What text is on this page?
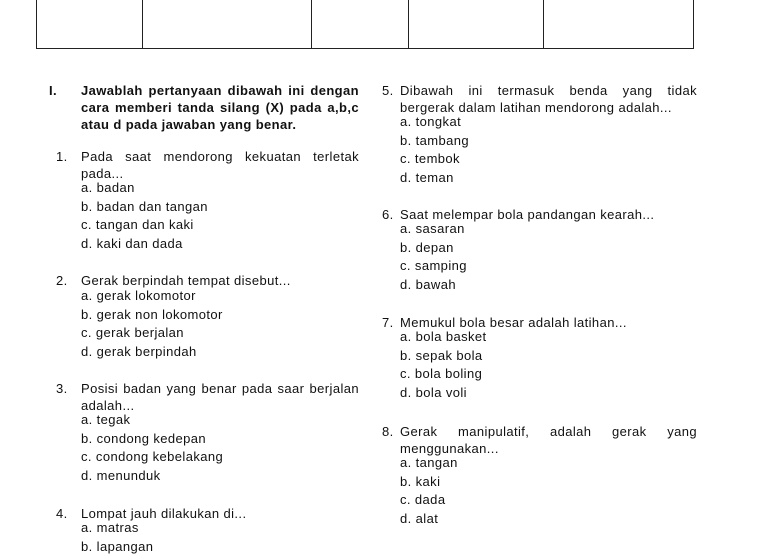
I. Jawablah pertanyaan dibawah ini dengan cara memberi tanda silang (X) pada a,b,c atau d pada jawaban yang benar.
1. Pada saat mendorong kekuatan terletak pada...
a. badan
b. badan dan tangan
c. tangan dan kaki
d. kaki dan dada
2. Gerak berpindah tempat disebut...
a. gerak lokomotor
b. gerak non lokomotor
c. gerak berjalan
d. gerak berpindah
3. Posisi badan yang benar pada saar berjalan adalah...
a. tegak
b. condong kedepan
c. condong kebelakang
d. menunduk
4. Lompat jauh dilakukan di...
a. matras
b. lapangan
5. Dibawah ini termasuk benda yang tidak bergerak dalam latihan mendorong adalah...
a. tongkat
b. tambang
c. tembok
d. teman
6. Saat melempar bola pandangan kearah...
a. sasaran
b. depan
c. samping
d. bawah
7. Memukul bola besar adalah latihan...
a. bola basket
b. sepak bola
c. bola boling
d. bola voli
8. Gerak manipulatif, adalah gerak yang menggunakan...
a. tangan
b. kaki
c. dada
d. alat
